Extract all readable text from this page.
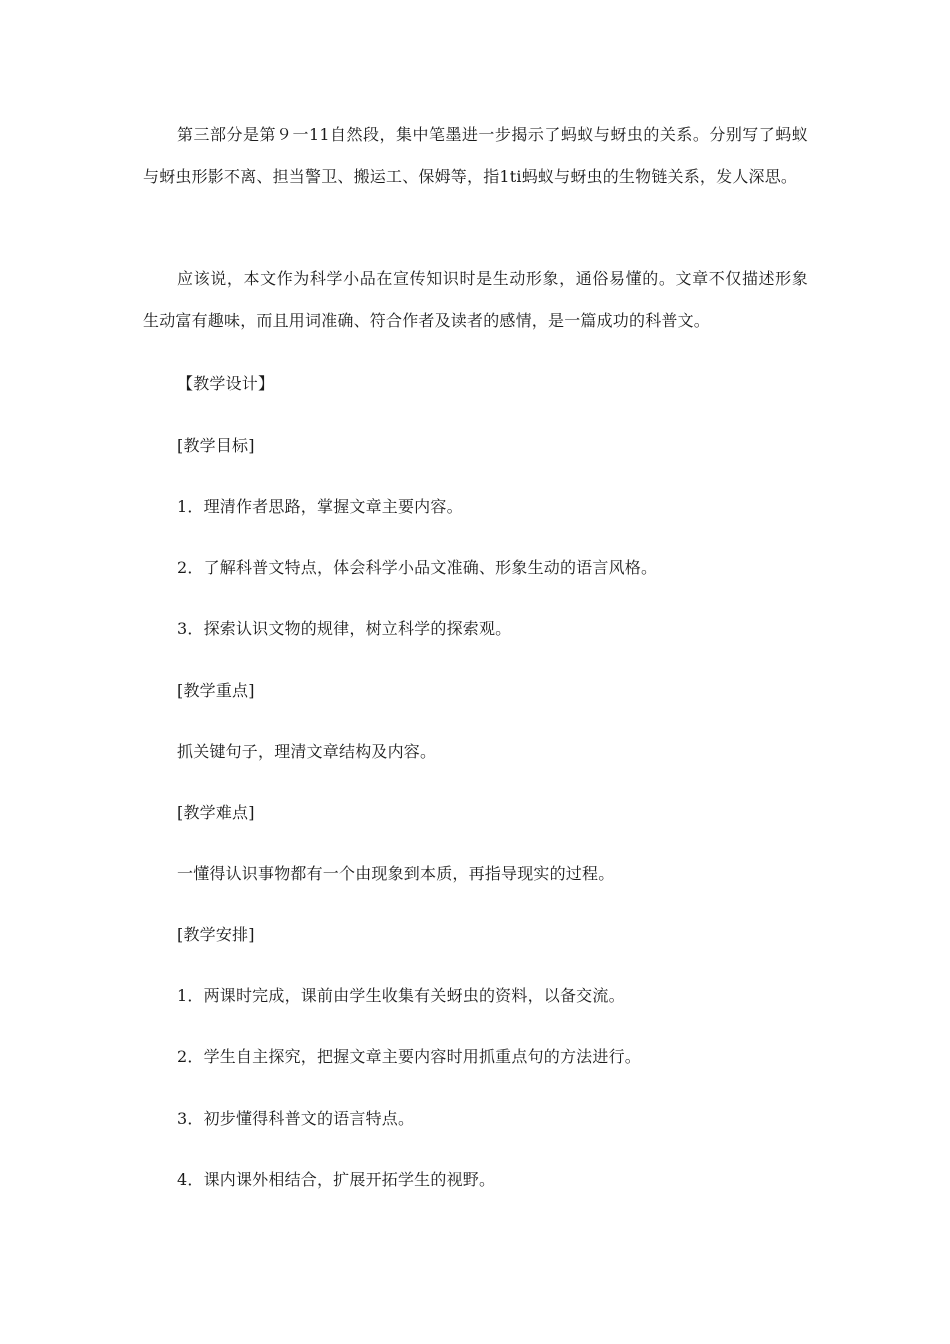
第三部分是第９一11自然段，集中笔墨进一步揭示了蚂蚁与蚜虫的关系。分别写了蚂蚁与蚜虫形影不离、担当警卫、搬运工、保姆等，指1ti蚂蚁与蚜虫的生物链关系，发人深思。

应该说，本文作为科学小品在宣传知识时是生动形象，通俗易懂的。文章不仅描述形象生动富有趣味，而且用词准确、符合作者及读者的感情，是一篇成功的科普文。

【教学设计】

[教学目标]

1．理清作者思路，掌握文章主要内容。

2．了解科普文特点，体会科学小品文准确、形象生动的语言风格。

3．探索认识文物的规律，树立科学的探索观。

[教学重点]

抓关键句子，理清文章结构及内容。

[教学难点]

一懂得认识事物都有一个由现象到本质，再指导现实的过程。

[教学安排]

1．两课时完成，课前由学生收集有关蚜虫的资料，以备交流。

2．学生自主探究，把握文章主要内容时用抓重点句的方法进行。

3．初步懂得科普文的语言特点。

4．课内课外相结合，扩展开拓学生的视野。
